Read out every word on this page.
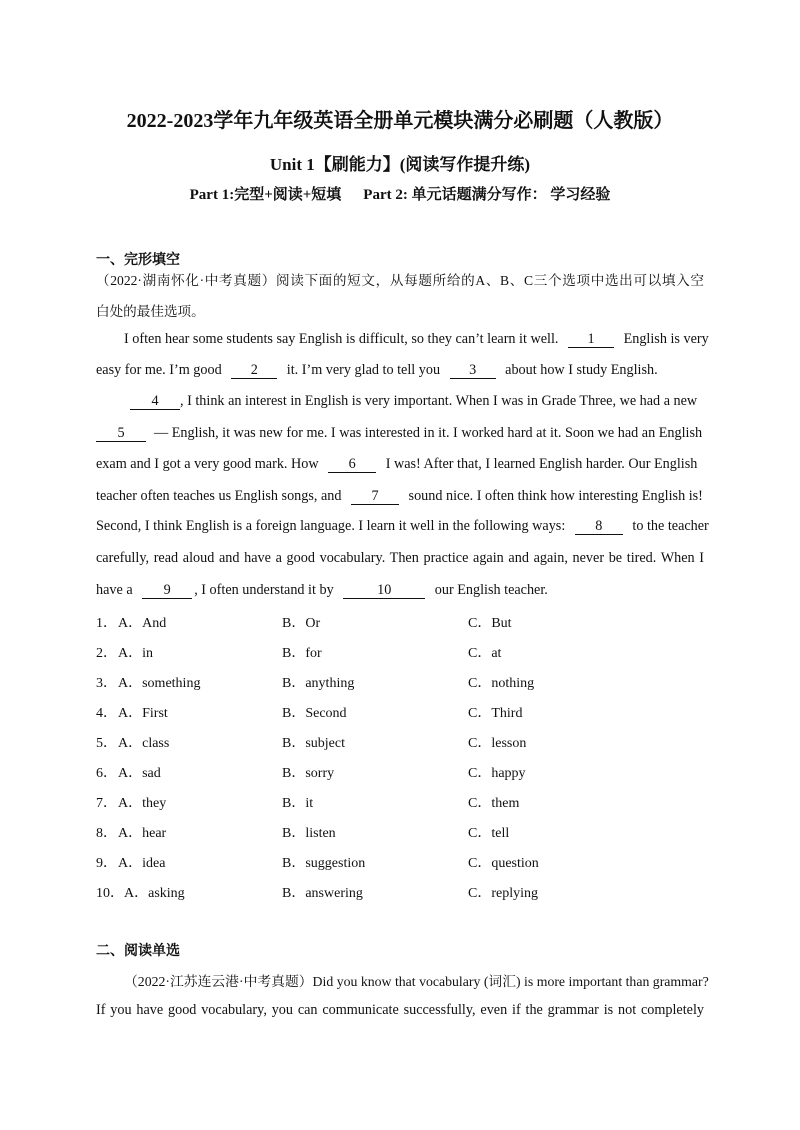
2022-2023学年九年级英语全册单元模块满分必刷题（人教版）
Unit 1【刷能力】(阅读写作提升练)
Part 1:完型+阅读+短填 Part 2: 单元话题满分写作： 学习经验
一、完形填空
（2022·湖南怀化·中考真题）阅读下面的短文，从每题所给的A、B、C三个选项中选出可以填入空
白处的最佳选项。
I often hear some students say English is difficult, so they can’t learn it well. 1 English is very
easy for me. I’m good 2 it. I’m very glad to tell you 3 about how I study English.
4 , I think an interest in English is very important. When I was in Grade Three, we had a new
5 — English, it was new for me. I was interested in it. I worked hard at it. Soon we had an English
exam and I got a very good mark. How 6 I was! After that, I learned English harder. Our English
teacher often teaches us English songs, and 7 sound nice. I often think how interesting English is!
Second, I think English is a foreign language. I learn it well in the following ways: 8 to the teacher
carefully, read aloud and have a good vocabulary. Then practice again and again, never be tired. When I
have a 9 , I often understand it by	10	our English teacher.
1． A．And	B．Or	C．But
2． A．in	B．for	C．at
3． A．something	B．anything	C．nothing
4． A．First	B．Second	C．Third
5． A．class	B．subject	C．lesson
6． A．sad	B．sorry	C．happy
7． A．they	B．it	C．them
8． A．hear	B．listen	C．tell
9． A．idea	B．suggestion	C．question
10． A．asking	B．answering	C．replying
二、阅读单选
（2022·江苏连云港·中考真题）Did you know that vocabulary (词汇) is more important than grammar?
If you have good vocabulary, you can communicate successfully, even if the grammar is not completely
